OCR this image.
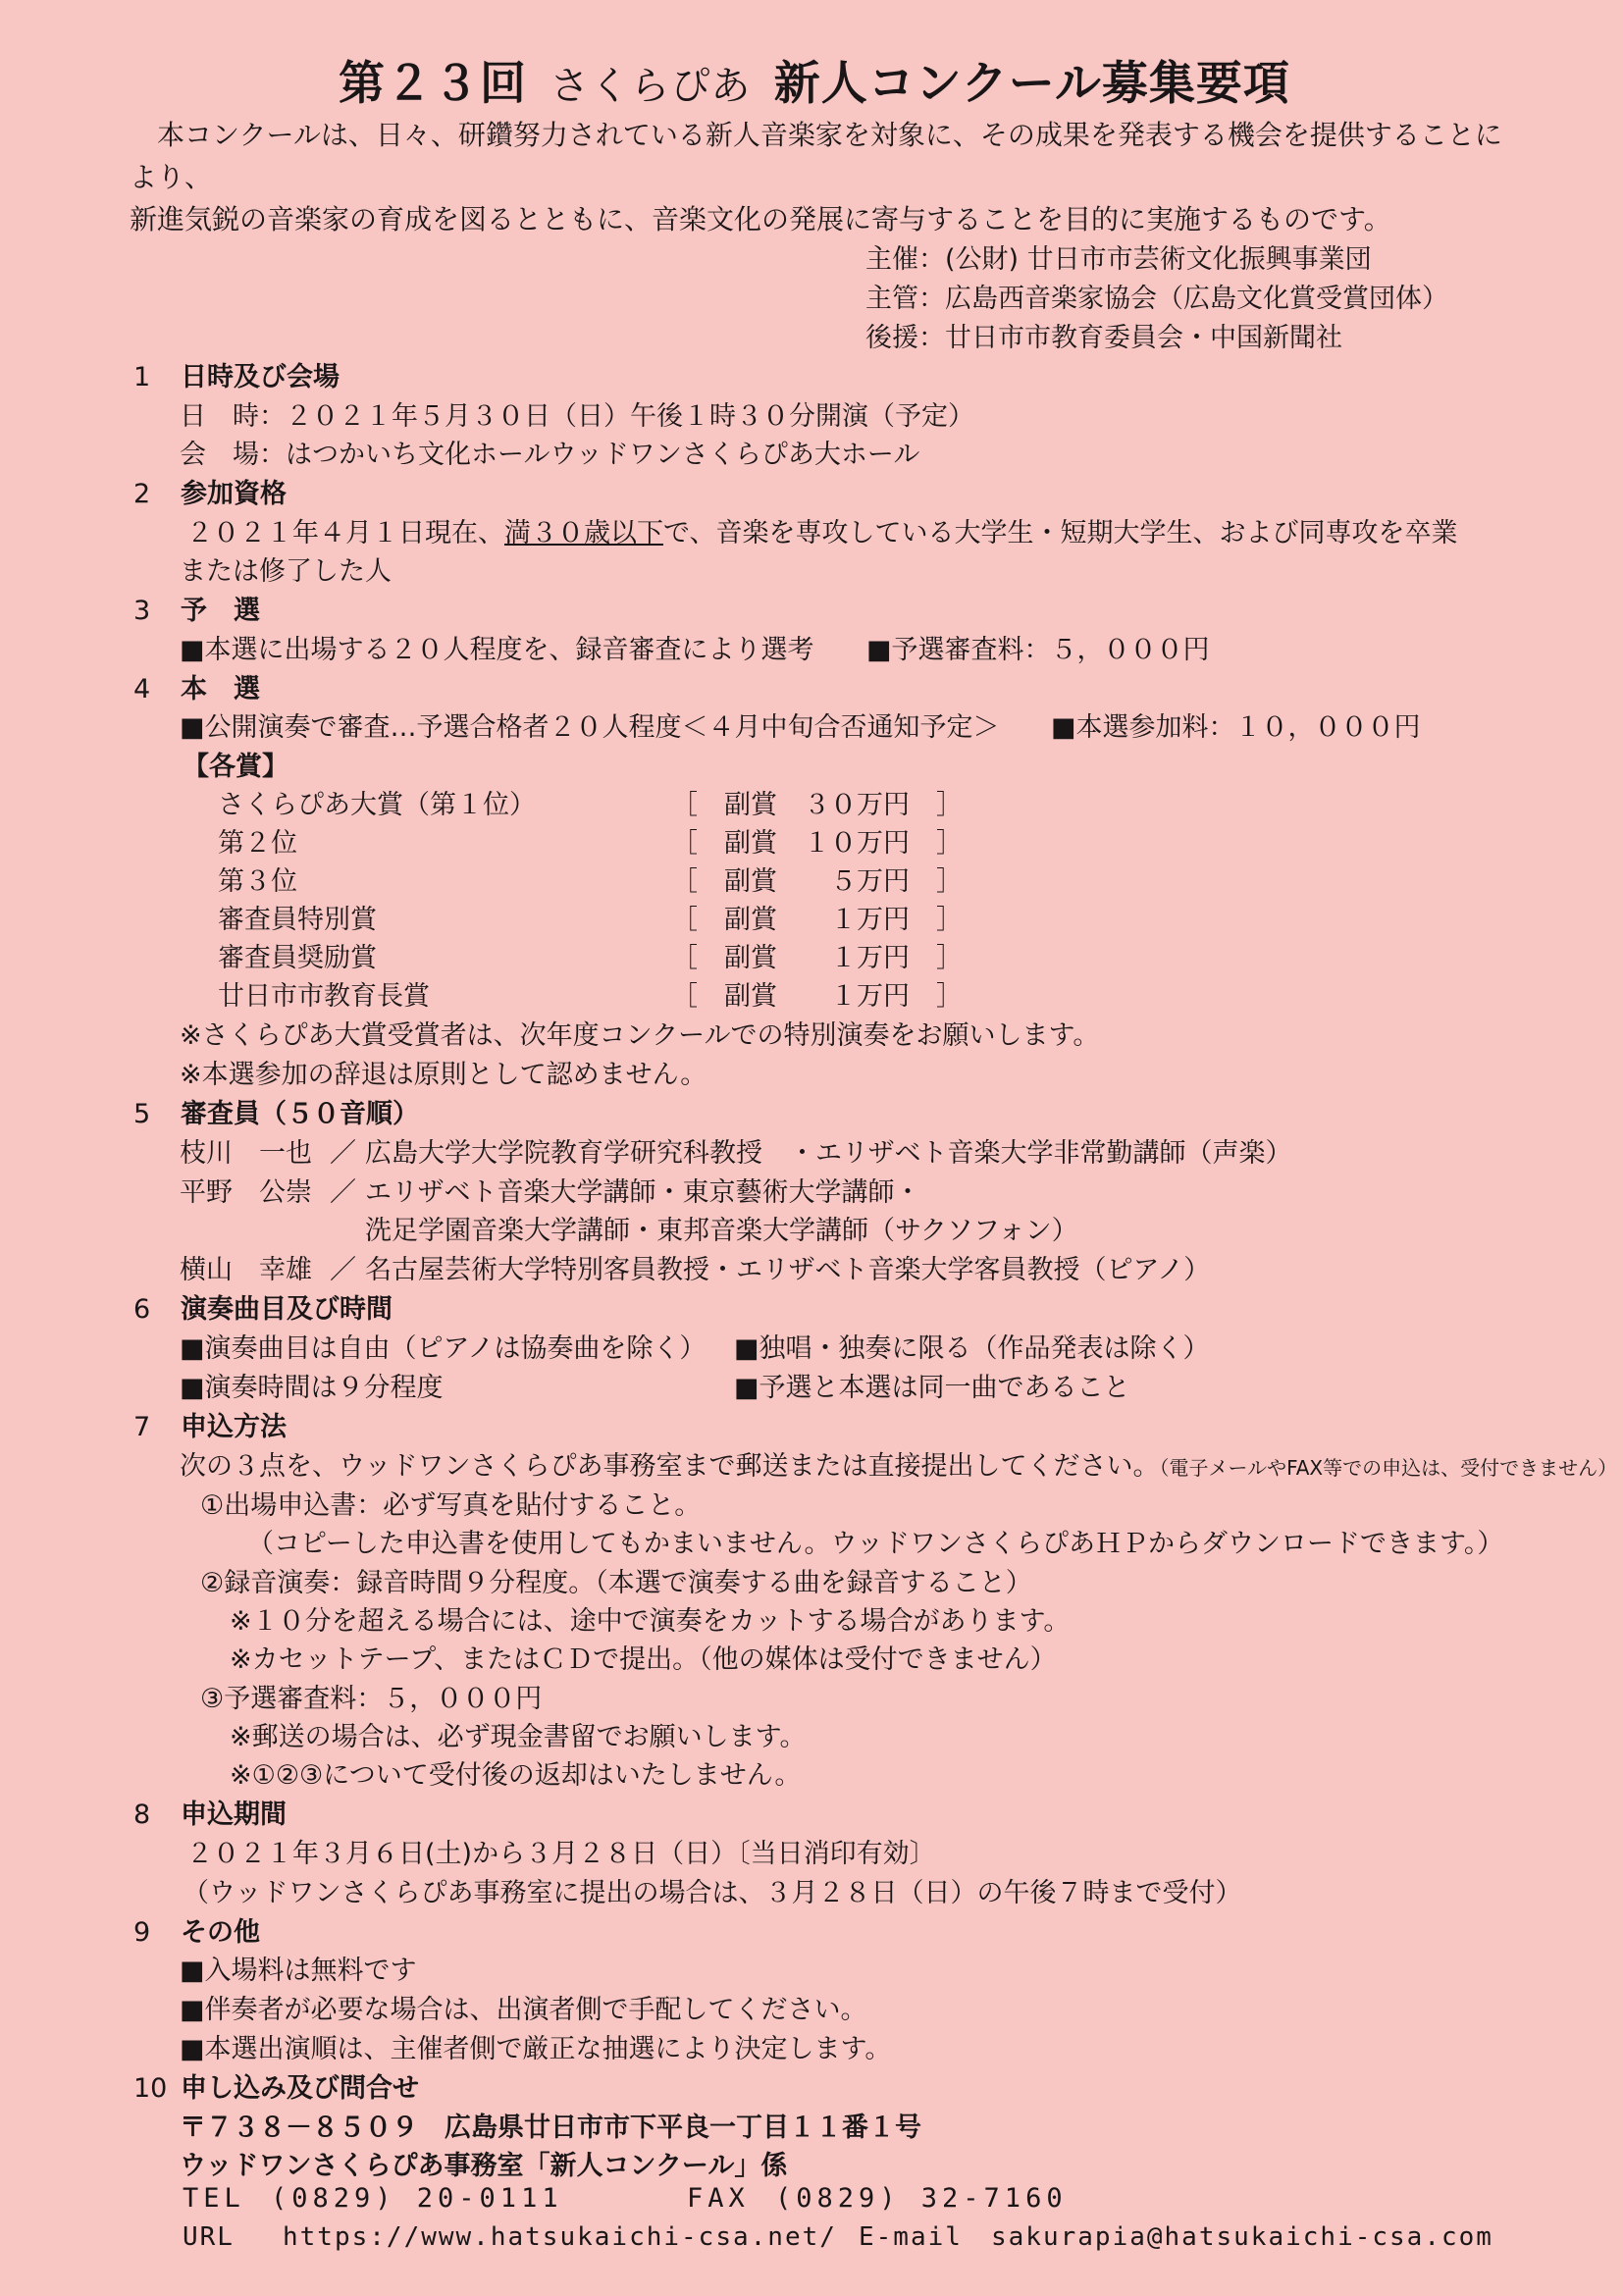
第２３回 さくらぴあ 新人コンクール募集要項

　本コンクールは、日々、研鑽努力されている新人音楽家を対象に、その成果を発表する機会を提供することにより、

新進気鋭の音楽家の育成を図るとともに、音楽文化の発展に寄与することを目的に実施するものです。

主催：(公財) 廿日市市芸術文化振興事業団
主管：広島西音楽家協会（広島文化賞受賞団体）
後援：廿日市市教育委員会・中国新聞社
1 日時及び会場
日　時：２０２１年５月３０日（日）午後１時３０分開演（予定）
会　場：はつかいち文化ホールウッドワンさくらぴあ大ホール
2 参加資格
２０２１年４月１日現在、満３０歳以下で、音楽を専攻している大学生・短期大学生、および同専攻を卒業
または修了した人
3 予　選
■ 本選に出場する２０人程度を、録音審査により選考	■ 予選審査料：５，０００円
4 本　選
■ 公開演奏で審査…予選合格者２０人程度＜４月中旬合否通知予定＞	■ 本選参加料：１０，０００円
【各賞】
さくらぴあ大賞（第１位）	［　副賞　３０万円　］
第２位	［　副賞　１０万円　］
第３位	［　副賞　　５万円　］
審査員特別賞	［　副賞　　１万円　］
審査員奨励賞	［　副賞　　１万円　］
廿日市市教育長賞	［　副賞　　１万円　］
※さくらぴあ大賞受賞者は、次年度コンクールでの特別演奏をお願いします。
※本選参加の辞退は原則として認めません。
5 審査員（５０音順）
枝川　一也 ／ 広島大学大学院教育学研究科教授　・エリザベト音楽大学非常勤講師（声楽）
平野　公崇 ／ エリザベト音楽大学講師・東京藝術大学講師・
洗足学園音楽大学講師・東邦音楽大学講師（サクソフォン）
横山　幸雄 ／ 名古屋芸術大学特別客員教授・エリザベト音楽大学客員教授（ピアノ）
6 演奏曲目及び時間
■ 演奏曲目は自由（ピアノは協奏曲を除く）	■ 独唱・独奏に限る（作品発表は除く）
■ 演奏時間は９分程度	■ 予選と本選は同一曲であること
7 申込方法
次の３点を、ウッドワンさくらぴあ事務室まで郵送または直接提出してください。（電子メールやFAX等での申込は、受付できません）
①出場申込書：必ず写真を貼付すること。
（コピーした申込書を使用してもかまいません。ウッドワンさくらぴあＨＰからダウンロードできます。）
②録音演奏：録音時間９分程度。（本選で演奏する曲を録音すること）
※１０分を超える場合には、途中で演奏をカットする場合があります。
※カセットテープ、またはＣＤで提出。（他の媒体は受付できません）
③予選審査料：５，０００円
※郵送の場合は、必ず現金書留でお願いします。
※①②③について受付後の返却はいたしません。
8 申込期間
２０２１年３月６日(土)から３月２８日（日）〔当日消印有効〕
（ウッドワンさくらぴあ事務室に提出の場合は、３月２８日（日）の午後７時まで受付）
9 その他
■ 入場料は無料です
■ 伴奏者が必要な場合は、出演者側で手配してください。
■ 本選出演順は、主催者側で厳正な抽選により決定します。
10 申し込み及び問合せ
〒７３８－８５０９　広島県廿日市市下平良一丁目１１番１号
ウッドワンさくらぴあ事務室「新人コンクール」係
TEL (0829) 20-0111	FAX (0829) 32-7160
URL https://www.hatsukaichi-csa.net/ E-mail sakurapia@hatsukaichi-csa.com
